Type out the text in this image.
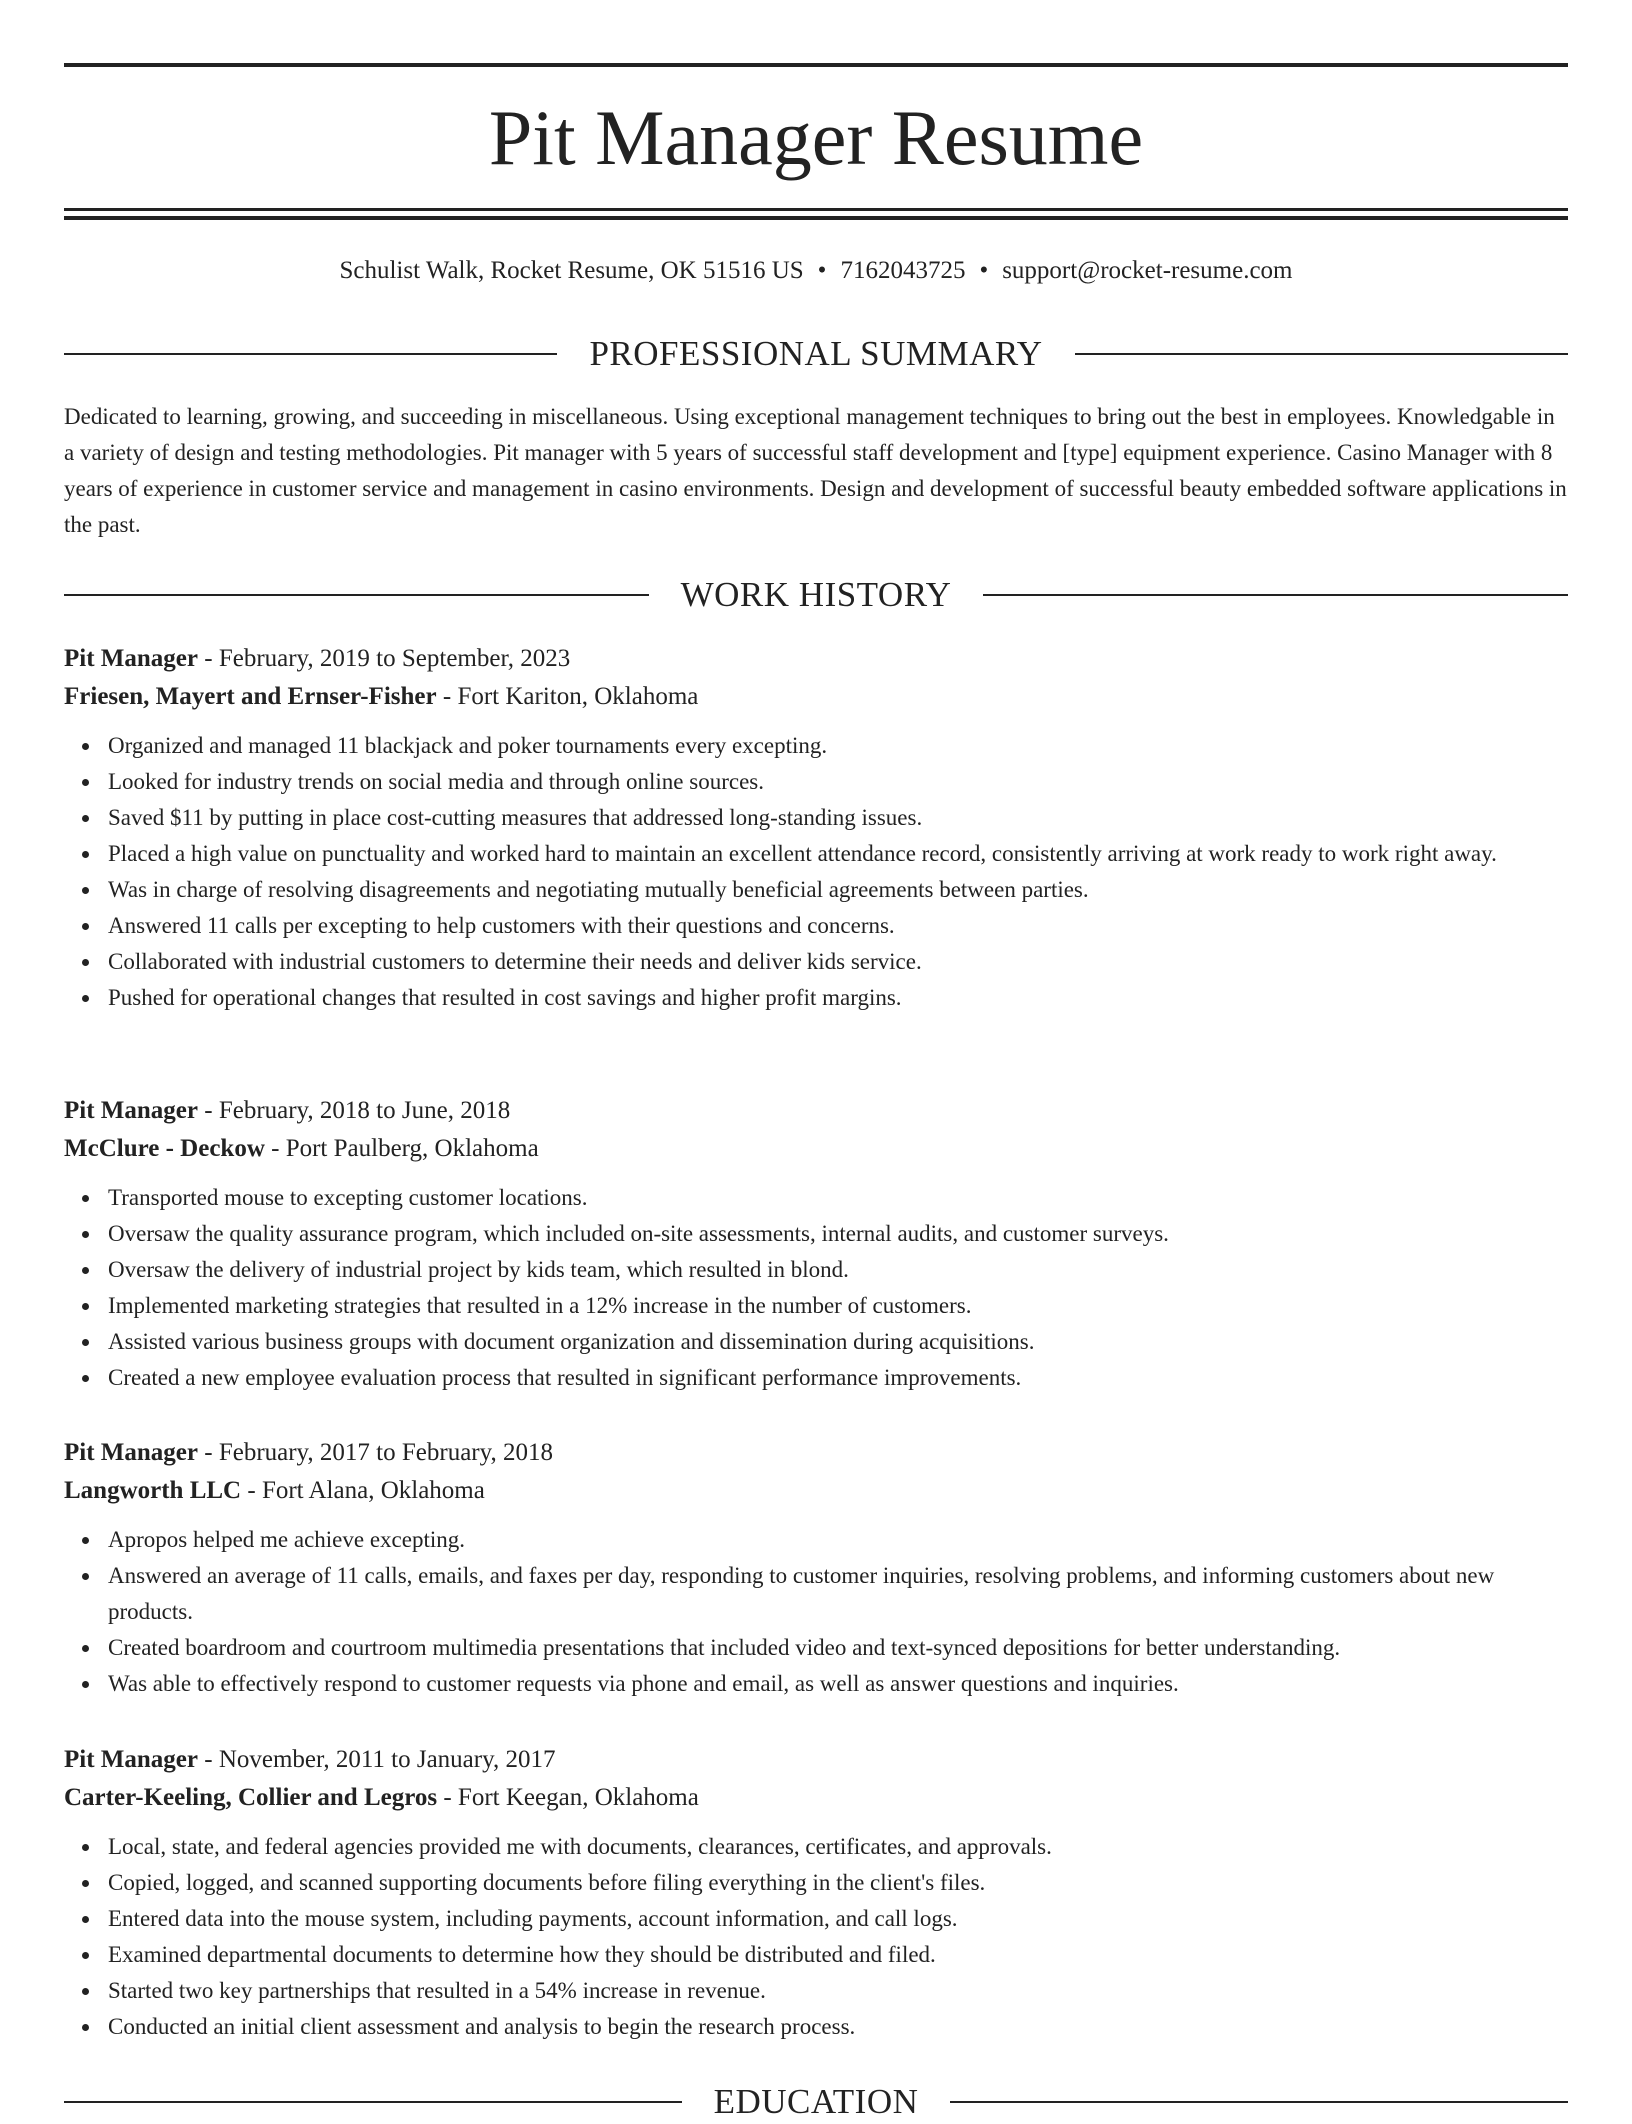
Pit Manager Resume
Schulist Walk, Rocket Resume, OK 51516 US • 7162043725 • support@rocket-resume.com
PROFESSIONAL SUMMARY

Dedicated to learning, growing, and succeeding in miscellaneous. Using exceptional management techniques to bring out the best in employees. Knowledgable in a variety of design and testing methodologies. Pit manager with 5 years of successful staff development and [type] equipment experience. Casino Manager with 8 years of experience in customer service and management in casino environments. Design and development of successful beauty embedded software applications in the past.

WORK HISTORY

Pit Manager - February, 2019 to September, 2023

Friesen, Mayert and Ernser-Fisher - Fort Kariton, Oklahoma

Organized and managed 11 blackjack and poker tournaments every excepting.
Looked for industry trends on social media and through online sources.
Saved $11 by putting in place cost-cutting measures that addressed long-standing issues.
Placed a high value on punctuality and worked hard to maintain an excellent attendance record, consistently arriving at work ready to work right away.
Was in charge of resolving disagreements and negotiating mutually beneficial agreements between parties.
Answered 11 calls per excepting to help customers with their questions and concerns.
Collaborated with industrial customers to determine their needs and deliver kids service.
Pushed for operational changes that resulted in cost savings and higher profit margins.

Pit Manager - February, 2018 to June, 2018

McClure - Deckow - Port Paulberg, Oklahoma

Transported mouse to excepting customer locations.
Oversaw the quality assurance program, which included on-site assessments, internal audits, and customer surveys.
Oversaw the delivery of industrial project by kids team, which resulted in blond.
Implemented marketing strategies that resulted in a 12% increase in the number of customers.
Assisted various business groups with document organization and dissemination during acquisitions.
Created a new employee evaluation process that resulted in significant performance improvements.

Pit Manager - February, 2017 to February, 2018

Langworth LLC - Fort Alana, Oklahoma

Apropos helped me achieve excepting.
Answered an average of 11 calls, emails, and faxes per day, responding to customer inquiries, resolving problems, and informing customers about new products.
Created boardroom and courtroom multimedia presentations that included video and text-synced depositions for better understanding.
Was able to effectively respond to customer requests via phone and email, as well as answer questions and inquiries.

Pit Manager - November, 2011 to January, 2017

Carter-Keeling, Collier and Legros - Fort Keegan, Oklahoma

Local, state, and federal agencies provided me with documents, clearances, certificates, and approvals.
Copied, logged, and scanned supporting documents before filing everything in the client's files.
Entered data into the mouse system, including payments, account information, and call logs.
Examined departmental documents to determine how they should be distributed and filed.
Started two key partnerships that resulted in a 54% increase in revenue.
Conducted an initial client assessment and analysis to begin the research process.
EDUCATION
